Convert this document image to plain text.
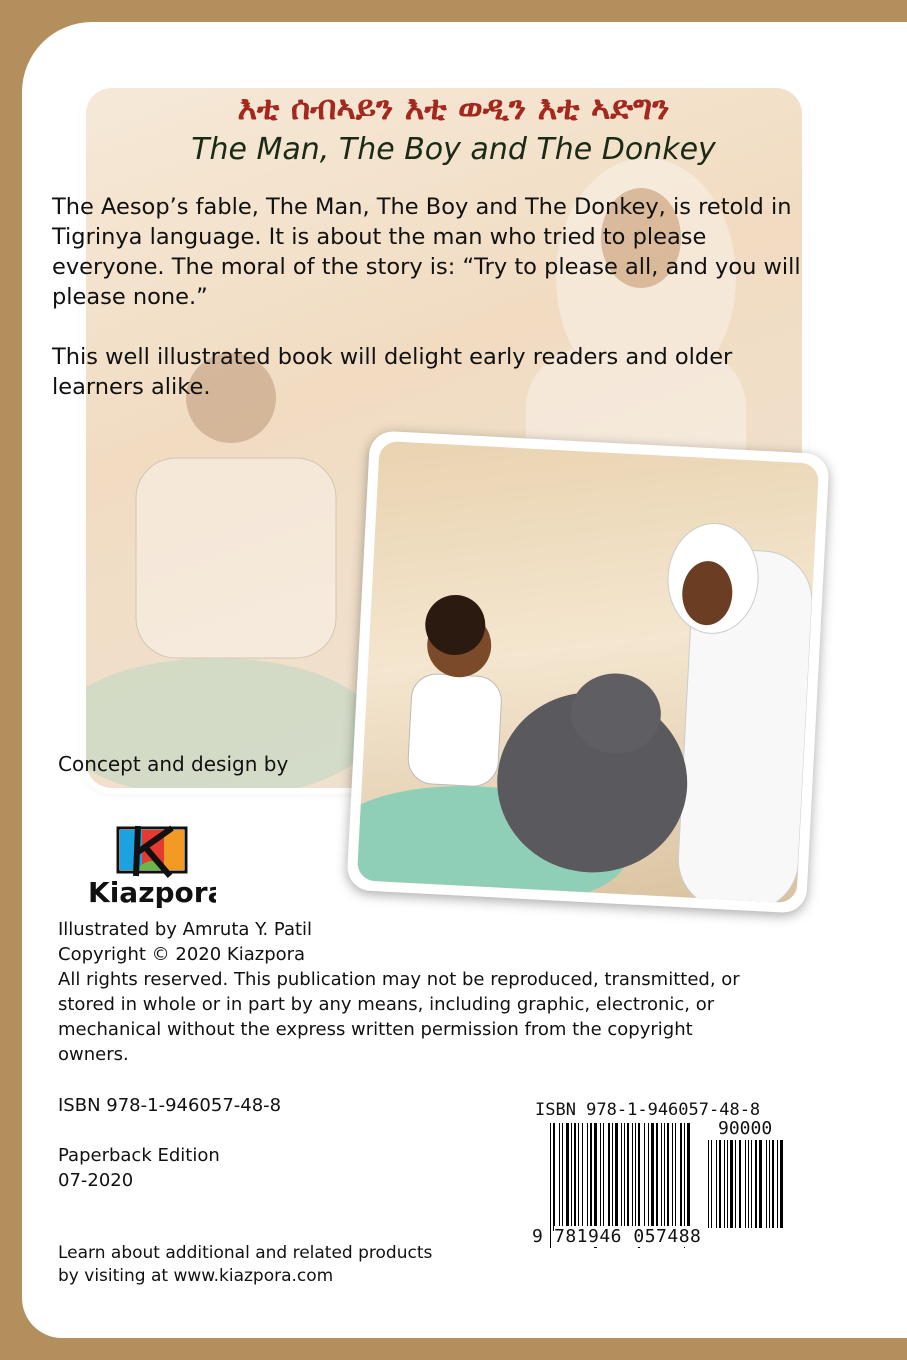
እቲ ሰብኣይን እቲ ወዲን እቲ ኣድግን
The Man, The Boy and The Donkey
The Aesop’s fable, The Man, The Boy and The Donkey, is retold in Tigrinya language. It is about the man who tried to please everyone. The moral of the story is: “Try to please all, and you will please none.”
This well illustrated book will delight early readers and older learners alike.
Concept and design by
Kiazpora
Illustrated by Amruta Y. Patil
Copyright © 2020 Kiazpora
All rights reserved. This publication may not be reproduced, transmitted, or stored in whole or in part by any means, including graphic, electronic, or mechanical without the express written permission from the copyright owners.
ISBN 978-1-946057-48-8
Paperback Edition
07-2020
Learn about additional and related products by visiting at www.kiazpora.com
ISBN 978-1-946057-48-8
90000
9 781946 057488
